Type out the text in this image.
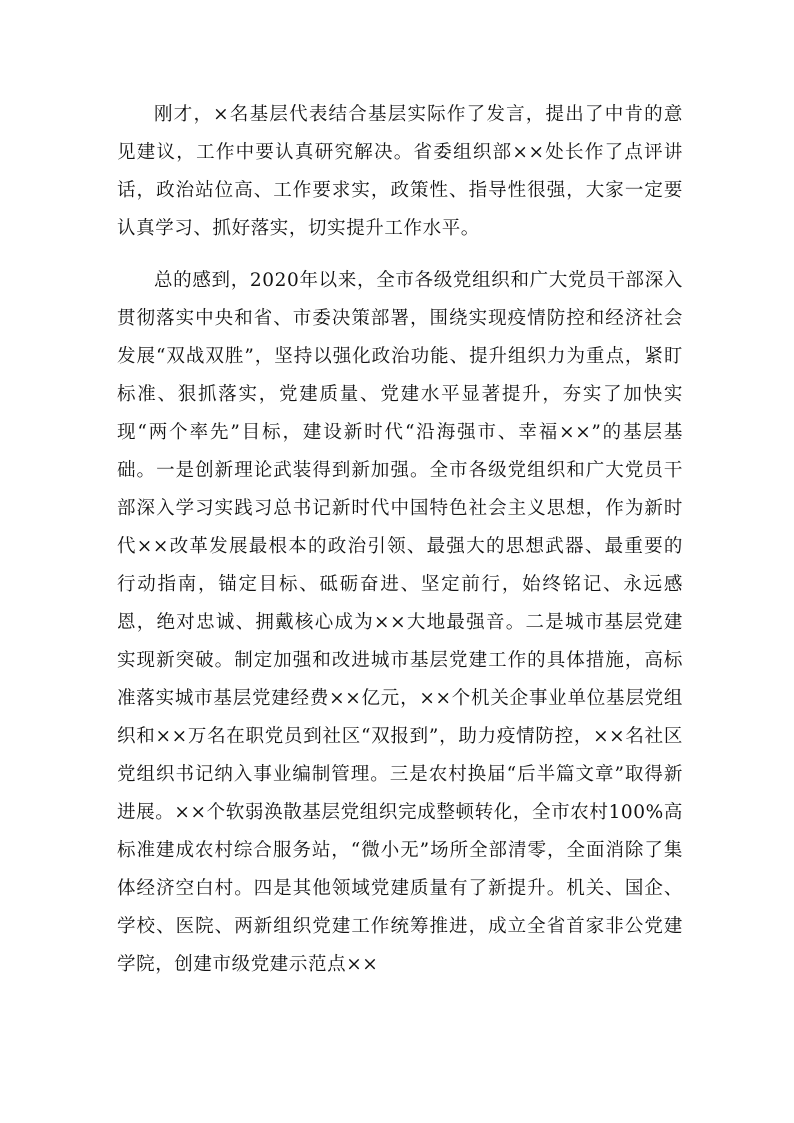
刚才，×名基层代表结合基层实际作了发言，提出了中肯的意见建议，工作中要认真研究解决。省委组织部××处长作了点评讲话，政治站位高、工作要求实，政策性、指导性很强，大家一定要认真学习、抓好落实，切实提升工作水平。

总的感到，2020年以来，全市各级党组织和广大党员干部深入贯彻落实中央和省、市委决策部署，围绕实现疫情防控和经济社会发展“双战双胜”，坚持以强化政治功能、提升组织力为重点，紧盯标准、狠抓落实，党建质量、党建水平显著提升，夯实了加快实现“两个率先”目标，建设新时代“沿海强市、幸福××”的基层基础。一是创新理论武装得到新加强。全市各级党组织和广大党员干部深入学习实践习总书记新时代中国特色社会主义思想，作为新时代××改革发展最根本的政治引领、最强大的思想武器、最重要的行动指南，锚定目标、砥砺奋进、坚定前行，始终铭记、永远感恩，绝对忠诚、拥戴核心成为××大地最强音。二是城市基层党建实现新突破。制定加强和改进城市基层党建工作的具体措施，高标准落实城市基层党建经费××亿元，××个机关企事业单位基层党组织和××万名在职党员到社区“双报到”，助力疫情防控，××名社区党组织书记纳入事业编制管理。三是农村换届“后半篇文章”取得新进展。××个软弱涣散基层党组织完成整顿转化，全市农村100%高标准建成农村综合服务站，“微小无”场所全部清零，全面消除了集体经济空白村。四是其他领域党建质量有了新提升。机关、国企、学校、医院、两新组织党建工作统筹推进，成立全省首家非公党建学院，创建市级党建示范点××
